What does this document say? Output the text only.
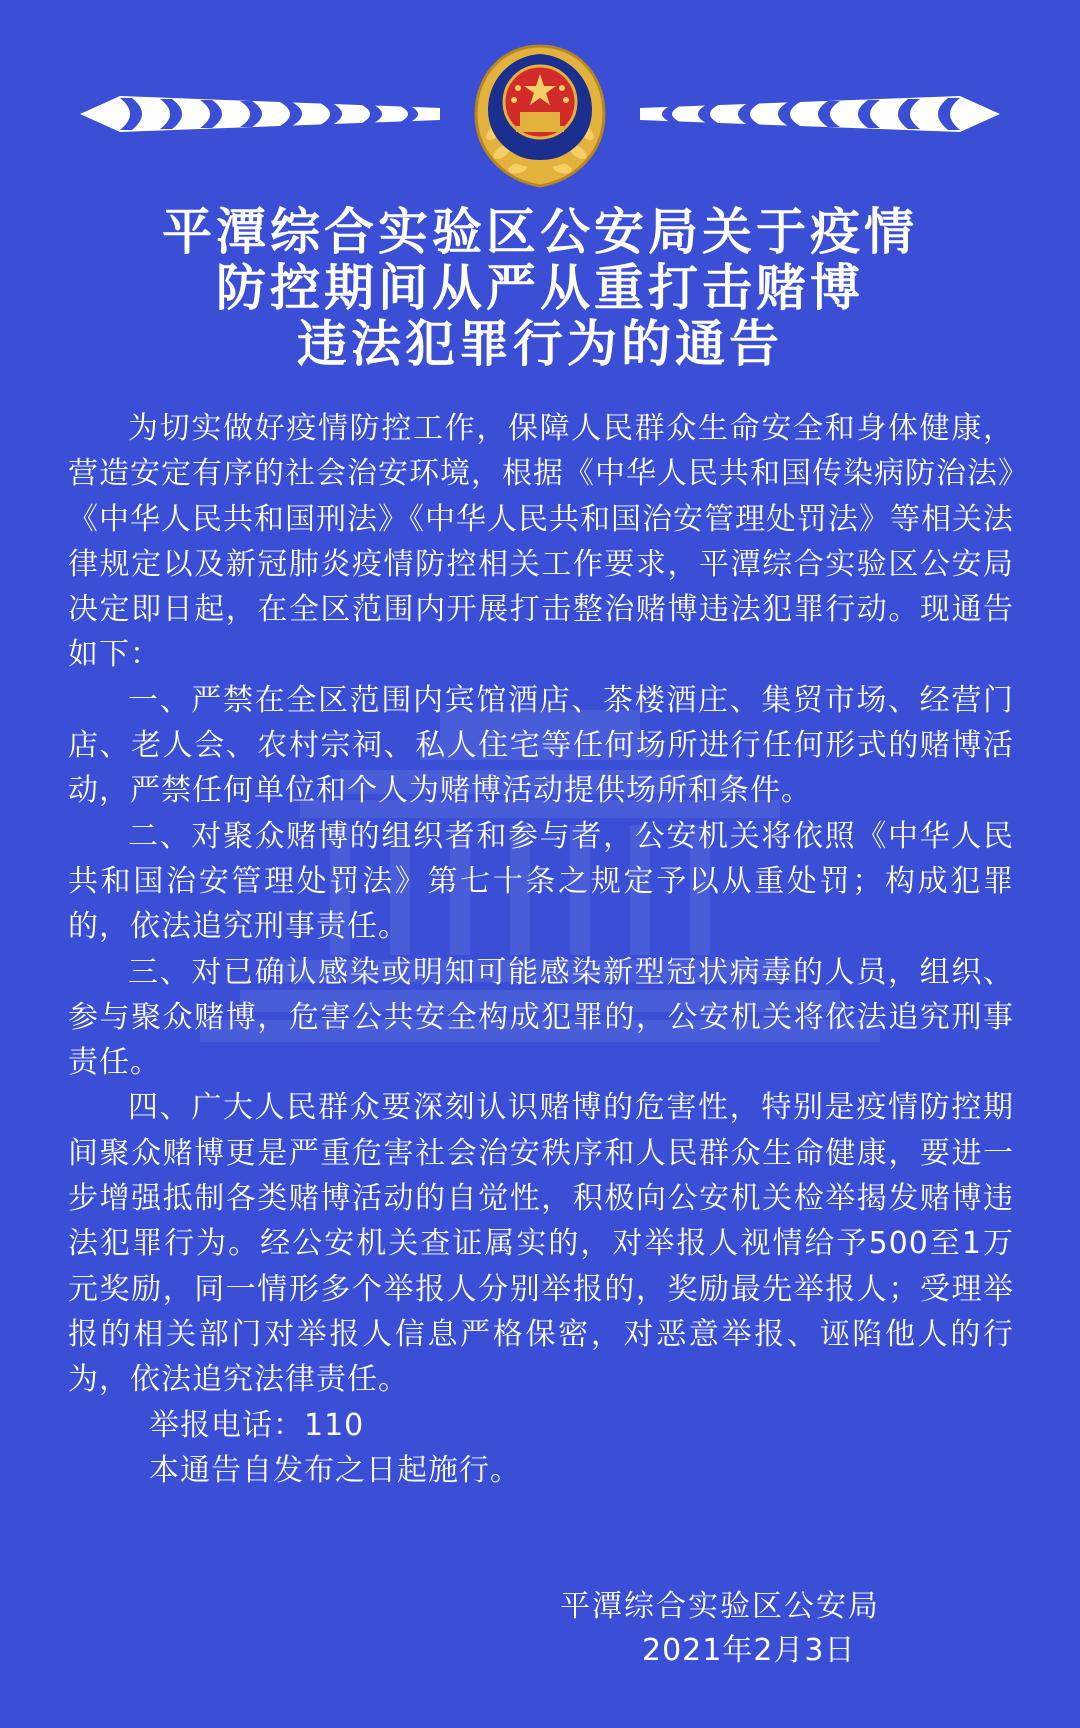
平潭综合实验区公安局关于疫情
防控期间从严从重打击赌博
违法犯罪行为的通告

为切实做好疫情防控工作，保障人民群众生命安全和身体健康，营造安定有序的社会治安环境，根据《中华人民共和国传染病防治法》《中华人民共和国刑法》《中华人民共和国治安管理处罚法》等相关法律规定以及新冠肺炎疫情防控相关工作要求，平潭综合实验区公安局决定即日起，在全区范围内开展打击整治赌博违法犯罪行动。现通告如下：

一、严禁在全区范围内宾馆酒店、茶楼酒庄、集贸市场、经营门店、老人会、农村宗祠、私人住宅等任何场所进行任何形式的赌博活动，严禁任何单位和个人为赌博活动提供场所和条件。

二、对聚众赌博的组织者和参与者，公安机关将依照《中华人民共和国治安管理处罚法》第七十条之规定予以从重处罚；构成犯罪的，依法追究刑事责任。

三、对已确认感染或明知可能感染新型冠状病毒的人员，组织、参与聚众赌博，危害公共安全构成犯罪的，公安机关将依法追究刑事责任。

四、广大人民群众要深刻认识赌博的危害性，特别是疫情防控期间聚众赌博更是严重危害社会治安秩序和人民群众生命健康，要进一步增强抵制各类赌博活动的自觉性，积极向公安机关检举揭发赌博违法犯罪行为。经公安机关查证属实的，对举报人视情给予500至1万元奖励，同一情形多个举报人分别举报的，奖励最先举报人；受理举报的相关部门对举报人信息严格保密，对恶意举报、诬陷他人的行为，依法追究法律责任。

举报电话：110

本通告自发布之日起施行。

平潭综合实验区公安局
2021年2月3日
